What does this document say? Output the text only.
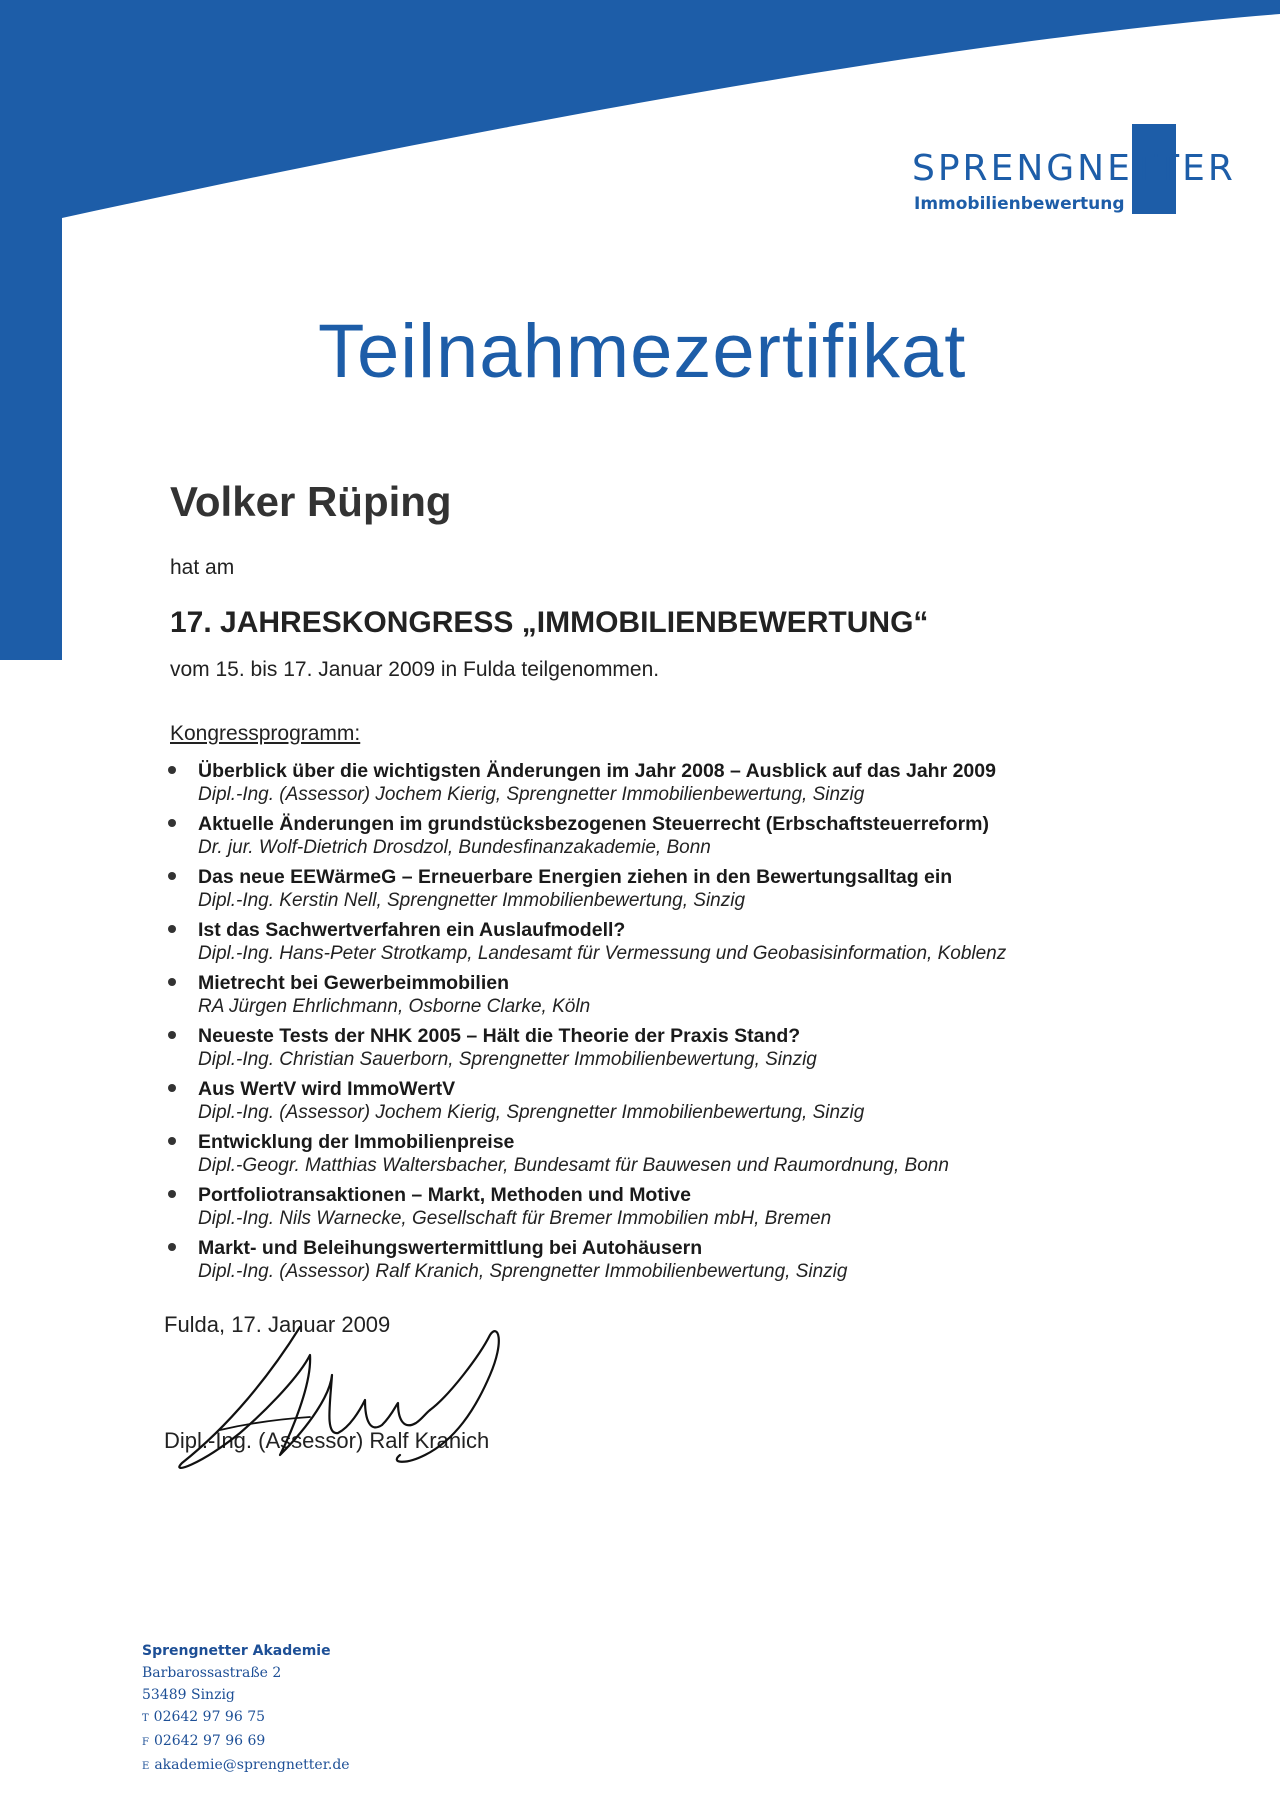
SPRENGNETTER
Immobilienbewertung
Teilnahmezertifikat
Volker Rüping
hat am
17. JAHRESKONGRESS „IMMOBILIENBEWERTUNG“
vom 15. bis 17. Januar 2009 in Fulda teilgenommen.
Kongressprogramm:
Überblick über die wichtigsten Änderungen im Jahr 2008 – Ausblick auf das Jahr 2009
Dipl.-Ing. (Assessor) Jochem Kierig, Sprengnetter Immobilienbewertung, Sinzig
Aktuelle Änderungen im grundstücksbezogenen Steuerrecht (Erbschaftsteuerreform)
Dr. jur. Wolf-Dietrich Drosdzol, Bundesfinanzakademie, Bonn
Das neue EEWärmeG – Erneuerbare Energien ziehen in den Bewertungsalltag ein
Dipl.-Ing. Kerstin Nell, Sprengnetter Immobilienbewertung, Sinzig
Ist das Sachwertverfahren ein Auslaufmodell?
Dipl.-Ing. Hans-Peter Strotkamp, Landesamt für Vermessung und Geobasisinformation, Koblenz
Mietrecht bei Gewerbeimmobilien
RA Jürgen Ehrlichmann, Osborne Clarke, Köln
Neueste Tests der NHK 2005 – Hält die Theorie der Praxis Stand?
Dipl.-Ing. Christian Sauerborn, Sprengnetter Immobilienbewertung, Sinzig
Aus WertV wird ImmoWertV
Dipl.-Ing. (Assessor) Jochem Kierig, Sprengnetter Immobilienbewertung, Sinzig
Entwicklung der Immobilienpreise
Dipl.-Geogr. Matthias Waltersbacher, Bundesamt für Bauwesen und Raumordnung, Bonn
Portfoliotransaktionen – Markt, Methoden und Motive
Dipl.-Ing. Nils Warnecke, Gesellschaft für Bremer Immobilien mbH, Bremen
Markt- und Beleihungswertermittlung bei Autohäusern
Dipl.-Ing. (Assessor) Ralf Kranich, Sprengnetter Immobilienbewertung, Sinzig
Fulda, 17. Januar 2009
Dipl.-Ing. (Assessor) Ralf Kranich
Sprengnetter Akademie
Barbarossastraße 2
53489 Sinzig
T 02642 97 96 75
F 02642 97 96 69
E akademie@sprengnetter.de
